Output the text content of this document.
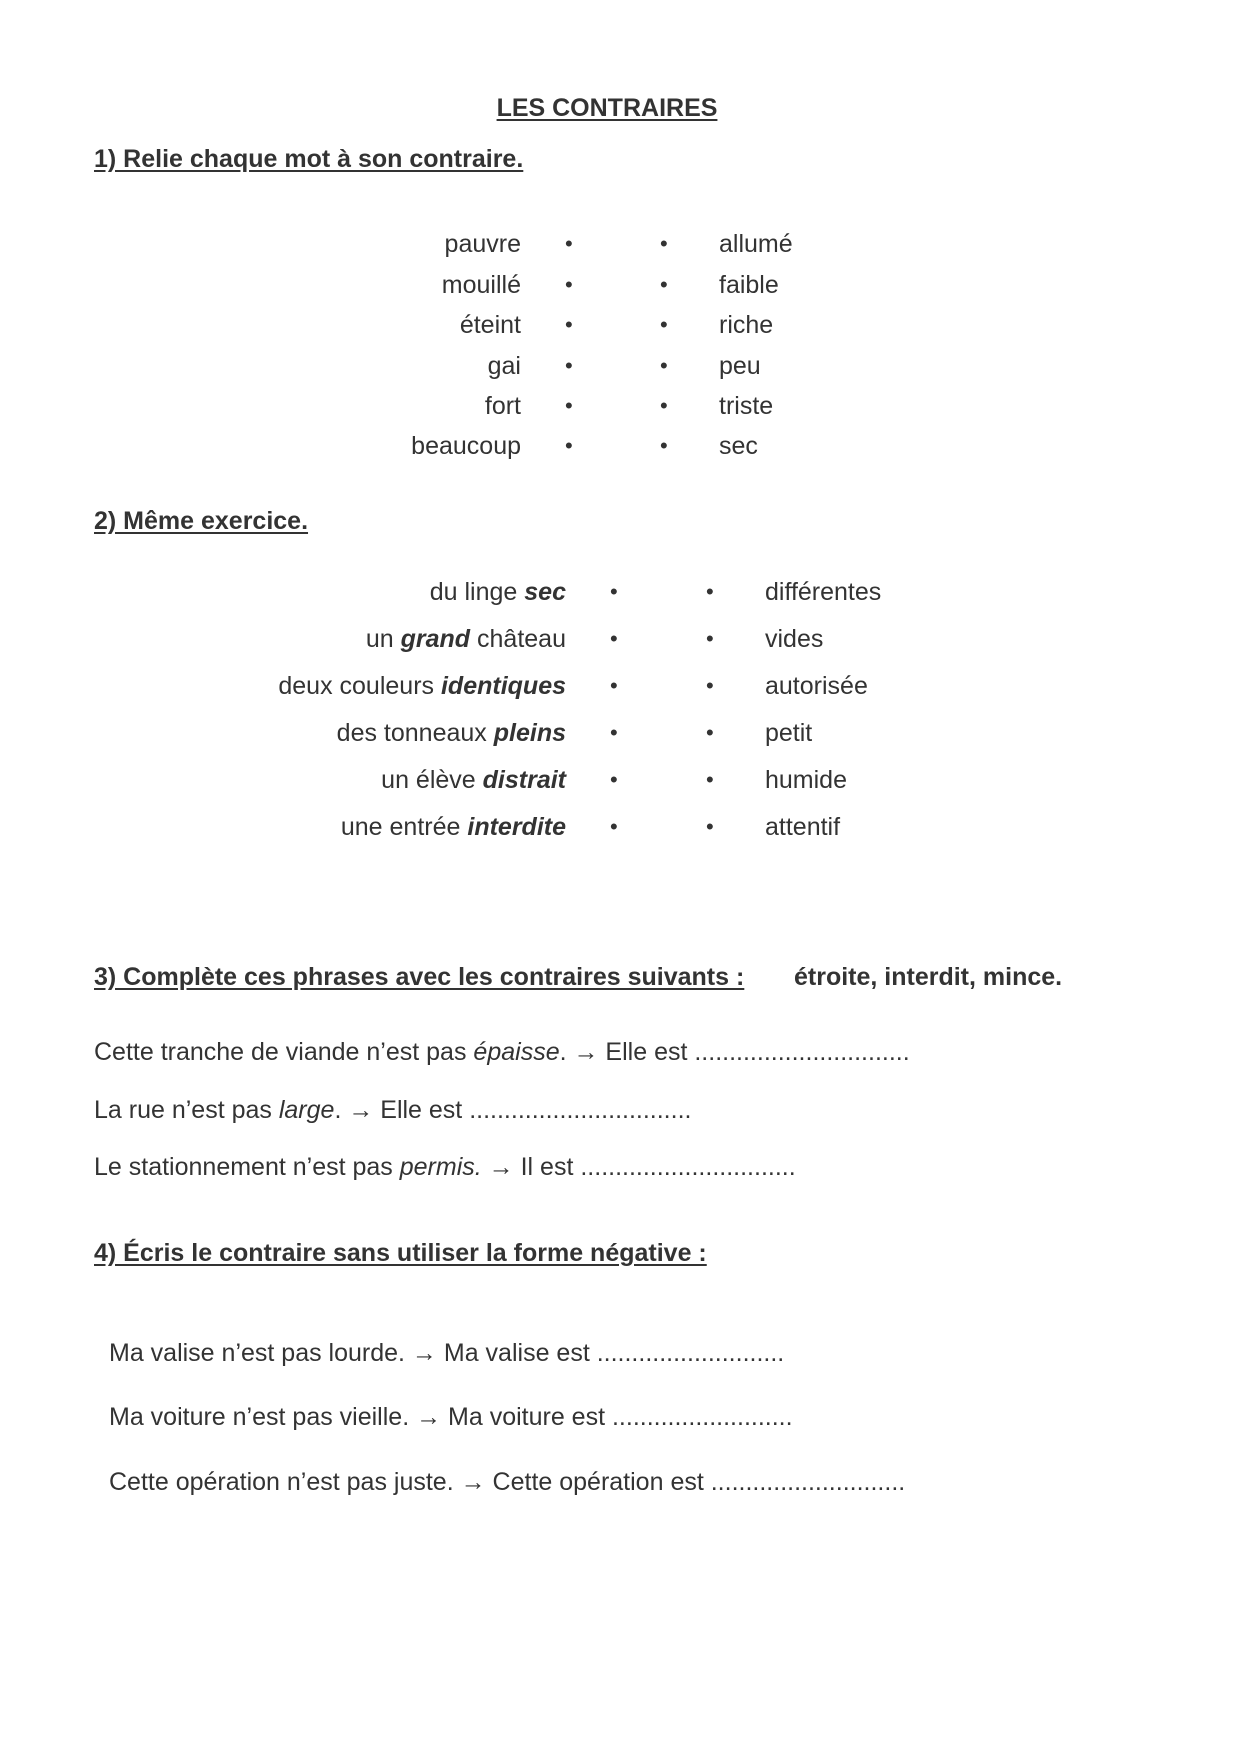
LES CONTRAIRES
1) Relie chaque mot à son contraire.
pauvre
mouillé
éteint
gai
fort
beaucoup
•
•
•
•
•
•
•
•
•
•
•
•
allumé
faible
riche
peu
triste
sec
2) Même exercice.
du linge sec
un grand château
deux couleurs identiques
des tonneaux pleins
un élève distrait
une entrée interdite
•
•
•
•
•
•
•
•
•
•
•
•
différentes
vides
autorisée
petit
humide
attentif
3) Complète ces phrases avec les contraires suivants : étroite, interdit, mince.
Cette tranche de viande n’est pas épaisse. → Elle est ...............................
La rue n’est pas large. → Elle est ................................
Le stationnement n’est pas permis. → Il est ...............................
4) Écris le contraire sans utiliser la forme négative :
Ma valise n’est pas lourde. → Ma valise est ...........................
Ma voiture n’est pas vieille. → Ma voiture est ..........................
Cette opération n’est pas juste. → Cette opération est ............................
